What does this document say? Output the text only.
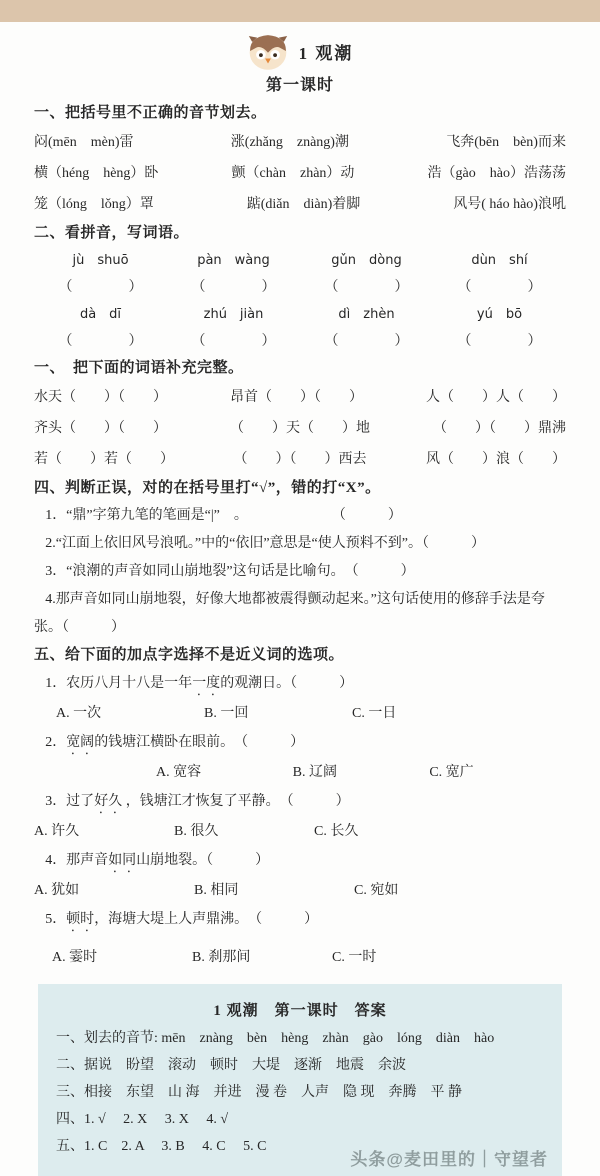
1 观潮
第一课时
一、把括号里不正确的音节划去。
闷(mēn　mèn)雷	涨(zhǎng　znàng)潮	飞奔(bēn　bèn)而来
横（héng　hèng）卧	颤（chàn　zhàn）动	浩（gào　hào）浩荡荡
笼（lóng　lǒng）罩	踮(diǎn　diàn)着脚	风号( háo hào)浪吼
二、看拼音，写词语。
jù　shuō	pàn　wàng	gǔn　dòng	dùn　shí
（　　　　）	（　　　　）	（　　　　）	（　　　　）
dà　dī	zhú　jiàn	dì　zhèn	yú　bō
（　　　　）	（　　　　）	（　　　　）	（　　　　）
一、　把下面的词语补充完整。
水天（　　）（　　）	昂首（　　）（　　）	人（　　）人（　　）
齐头（　　）（　　）	（　　）天（　　）地	（　　）（　　）鼎沸
若（　　）若（　　）	（　　）（　　）西去	风（　　）浪（　　）
四、判断正误，对的在括号里打“√”，错的打“X”。

1．“鼎”字第九笔的笔画是“|”　。　　　　　　　（　　　）

2.“江面上依旧风号浪吼。”中的“依旧”意思是“使人预料不到”。（　　　）

3．“浪潮的声音如同山崩地裂”这句话是比喻句。　（　　　）

4.那声音如同山崩地裂，好像大地都被震得颤动起来。”这句话使用的修辞手法是夸张。（　　　）

五、给下面的加点字选择不是近义词的选项。
1．农历八月十八是一年一度的观潮日。（　　　）
A. 一次	B. 一回	C. 一日
2．宽阔的钱塘江横卧在眼前。　（　　　）
A. 宽容	B. 辽阔	C. 宽广
3．过了好久 ，钱塘江才恢复了平静。　（　　　）
A. 许久	B. 很久	C. 长久
4．那声音如同山崩地裂。（　　　）
A. 犹如	B. 相同	C. 宛如
5．顿时，海塘大堤上人声鼎沸。　（　　　）
A. 霎时	B. 刹那间	C. 一时
1 观潮　第一课时　答案
一、划去的音节: mēn　znàng　bèn　hèng　zhàn　gào　lóng　diàn　hào
二、据说　盼望　滚动　顿时　大堤　逐渐　地震　余波
三、相接　东望　山 海　并进　漫 卷　人声　隐 现　奔腾　平 静
四、1. √　 2. X　 3. X　 4. √
五、1. C　2. A　 3. B　 4. C　 5. C
头条@麦田里的｜守望者
